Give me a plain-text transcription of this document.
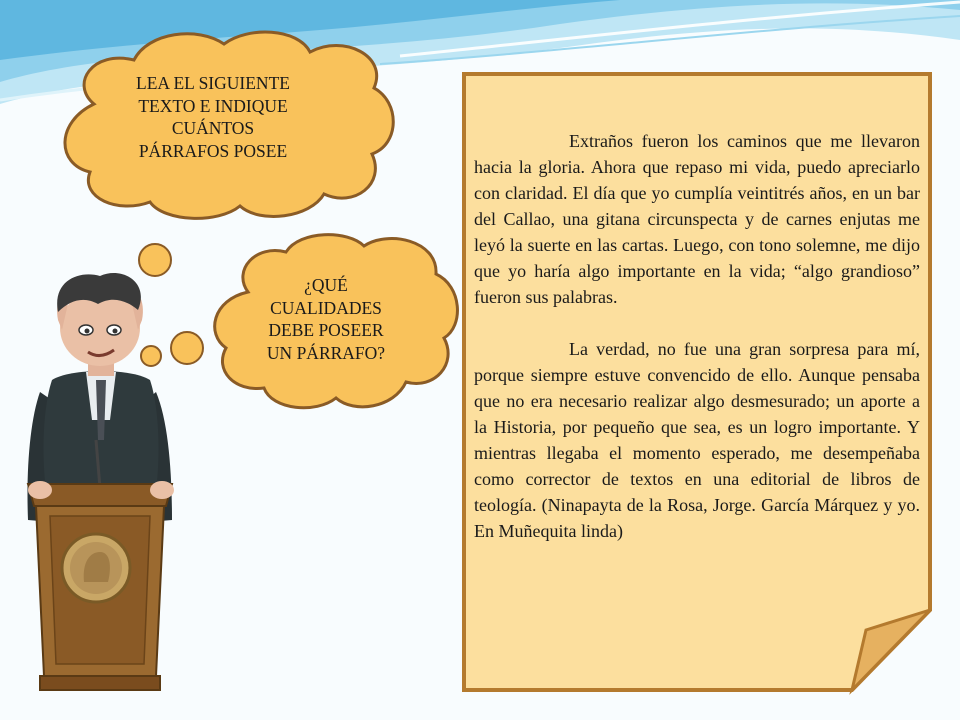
LEA EL SIGUIENTE
TEXTO E INDIQUE
CUÁNTOS
PÁRRAFOS POSEE
¿QUÉ
CUALIDADES
DEBE POSEER
UN PÁRRAFO?

Extraños fueron los caminos que me llevaron hacia la gloria. Ahora que repaso mi vida, puedo apreciarlo con claridad. El día que yo cumplía veintitrés años, en un bar del Callao, una gitana circunspecta y de carnes enjutas me leyó la suerte en las cartas. Luego, con tono solemne, me dijo que yo haría algo importante en la vida; “algo grandioso” fueron sus palabras.

La verdad, no fue una gran sorpresa para mí, porque siempre estuve convencido de ello. Aunque pensaba que no era necesario realizar algo desmesurado; un aporte a la Historia, por pequeño que sea, es un logro importante. Y mientras llegaba el momento esperado, me desempeñaba como corrector de textos en una editorial de libros de teología. (Ninapayta de la Rosa, Jorge. García Márquez y yo. En Muñequita linda)
